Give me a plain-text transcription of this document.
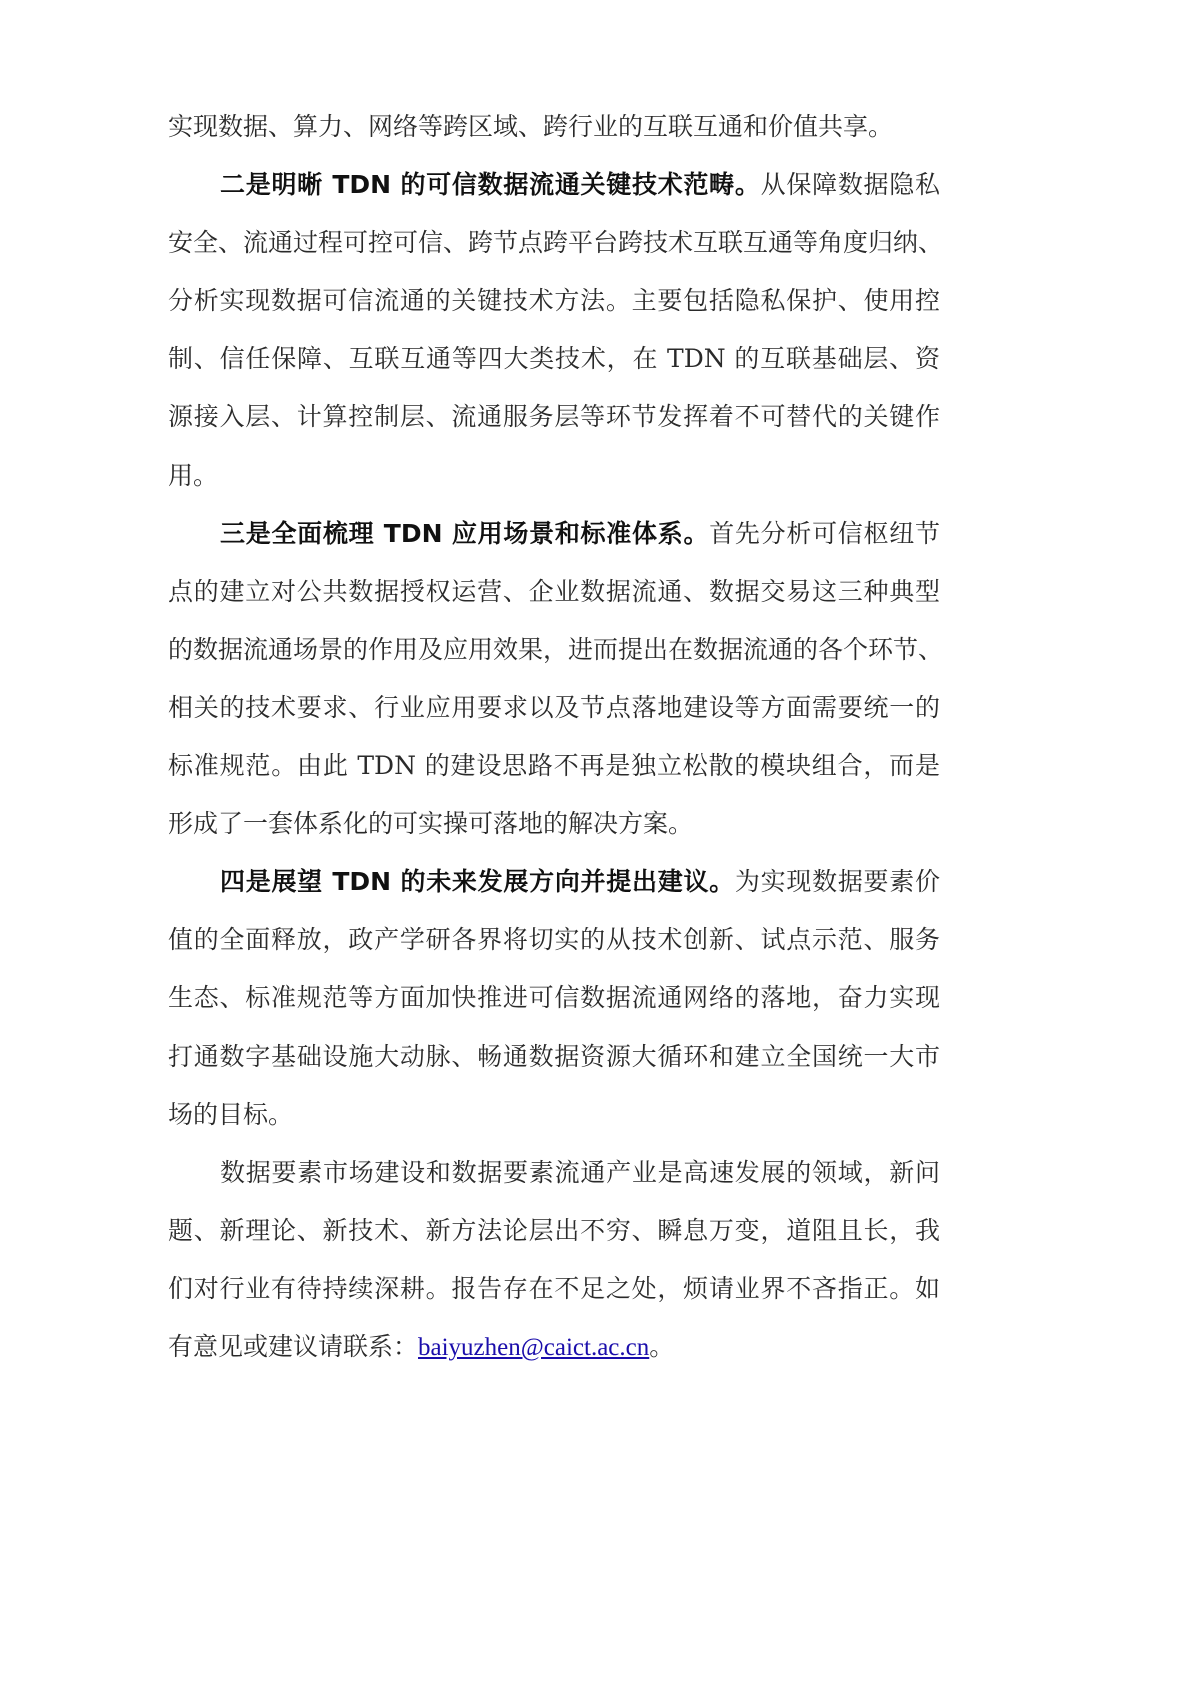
实现数据、算力、网络等跨区域、跨行业的互联互通和价值共享。
二是明晰 TDN 的可信数据流通关键技术范畴。从保障数据隐私
安全、流通过程可控可信、跨节点跨平台跨技术互联互通等角度归纳、
分析实现数据可信流通的关键技术方法。主要包括隐私保护、使用控
制、信任保障、互联互通等四大类技术，在 TDN 的互联基础层、资
源接入层、计算控制层、流通服务层等环节发挥着不可替代的关键作
用。
三是全面梳理 TDN 应用场景和标准体系。首先分析可信枢纽节
点的建立对公共数据授权运营、企业数据流通、数据交易这三种典型
的数据流通场景的作用及应用效果，进而提出在数据流通的各个环节、
相关的技术要求、行业应用要求以及节点落地建设等方面需要统一的
标准规范。由此 TDN 的建设思路不再是独立松散的模块组合，而是
形成了一套体系化的可实操可落地的解决方案。
四是展望 TDN 的未来发展方向并提出建议。为实现数据要素价
值的全面释放，政产学研各界将切实的从技术创新、试点示范、服务
生态、标准规范等方面加快推进可信数据流通网络的落地，奋力实现
打通数字基础设施大动脉、畅通数据资源大循环和建立全国统一大市
场的目标。
数据要素市场建设和数据要素流通产业是高速发展的领域，新问
题、新理论、新技术、新方法论层出不穷、瞬息万变，道阻且长，我
们对行业有待持续深耕。报告存在不足之处，烦请业界不吝指正。如
有意见或建议请联系：baiyuzhen@caict.ac.cn。
